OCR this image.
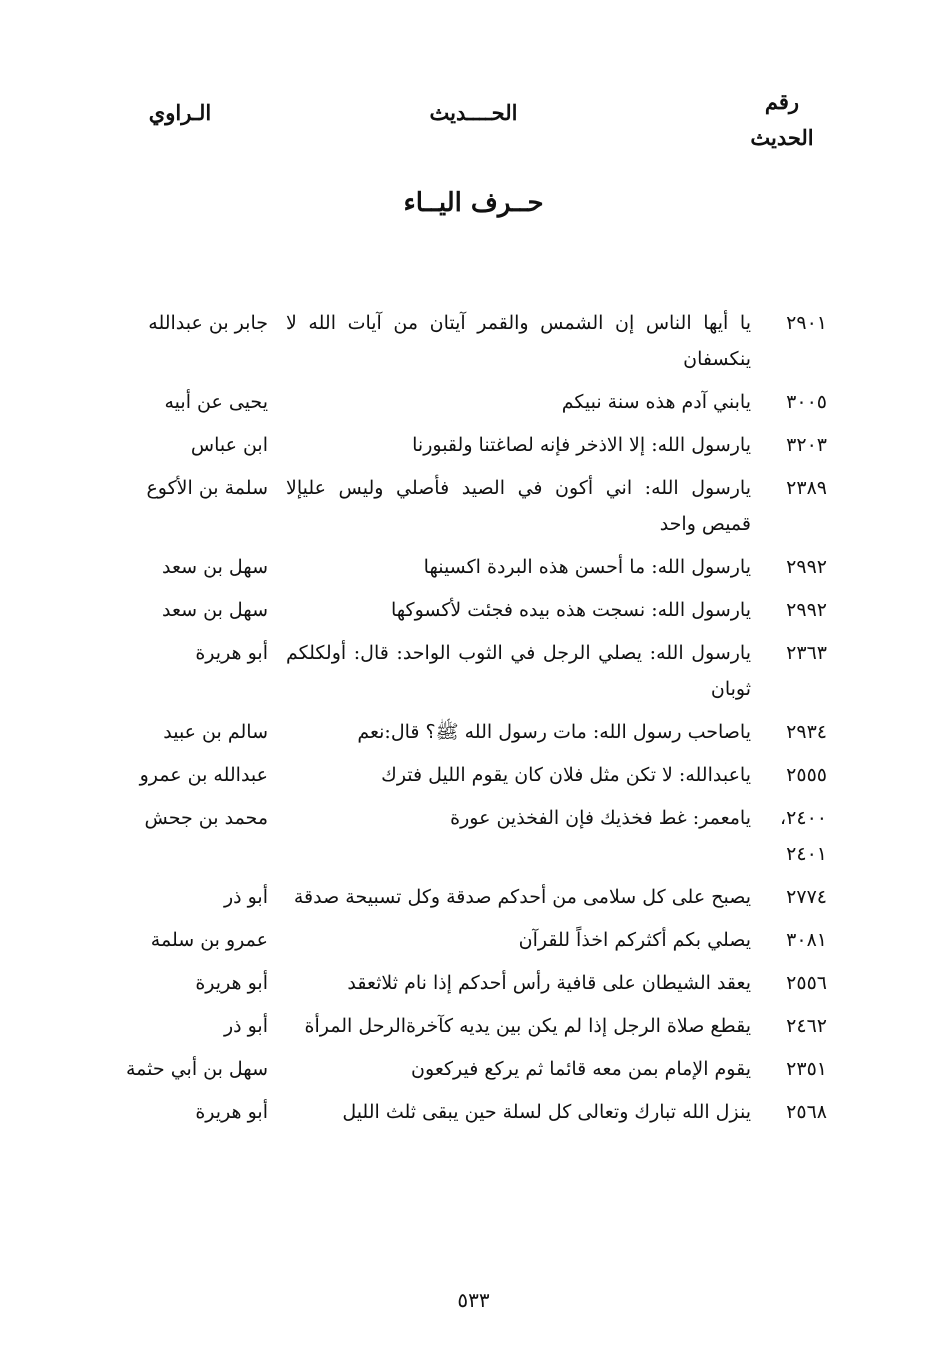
رقم
الحديث
الحــــديث
الـراوي
حــرف اليــاء
٢٩٠١
يا أيها الناس إن الشمس والقمر آيتان من آيات الله لا ينكسفان
جابر بن عبدالله
٣٠٠٥
يابني آدم هذه سنة نبيكم
يحيى عن أبيه
٣٢٠٣
يارسول الله: إلا الاذخر فإنه لصاغتنا ولقبورنا
ابن عباس
٢٣٨٩
يارسول الله: اني أكون في الصيد فأصلي وليس عليإلا قميص واحد
سلمة بن الأكوع
٢٩٩٢
يارسول الله: ما أحسن هذه البردة اكسينها
سهل بن سعد
٢٩٩٢
يارسول الله: نسجت هذه بيده فجئت لأكسوكها
سهل بن سعد
٢٣٦٣
يارسول الله: يصلي الرجل في الثوب الواحد: قال: أولكلكم ثوبان
أبو هريرة
٢٩٣٤
ياصاحب رسول الله: مات رسول الله ﷺ؟ قال:نعم
سالم بن عبيد
٢٥٥٥
ياعبدالله: لا تكن مثل فلان كان يقوم الليل فترك
عبدالله بن عمرو
٢٤٠٠، ٢٤٠١
يامعمر: غط فخذيك فإن الفخذين عورة
محمد بن جحش
٢٧٧٤
يصبح على كل سلامى من أحدكم صدقة وكل تسبيحة صدقة
أبو ذر
٣٠٨١
يصلي بكم أكثركم اخذاً للقرآن
عمرو بن سلمة
٢٥٥٦
يعقد الشيطان على قافية رأس أحدكم إذا نام ثلاثعقد
أبو هريرة
٢٤٦٢
يقطع صلاة الرجل إذا لم يكن بين يديه كآخرةالرحل المرأة
أبو ذر
٢٣٥١
يقوم الإمام بمن معه قائما ثم يركع فيركعون
سهل بن أبي حثمة
٢٥٦٨
ينزل الله تبارك وتعالى كل لسلة حين يبقى ثلث الليل
أبو هريرة
٥٣٣
